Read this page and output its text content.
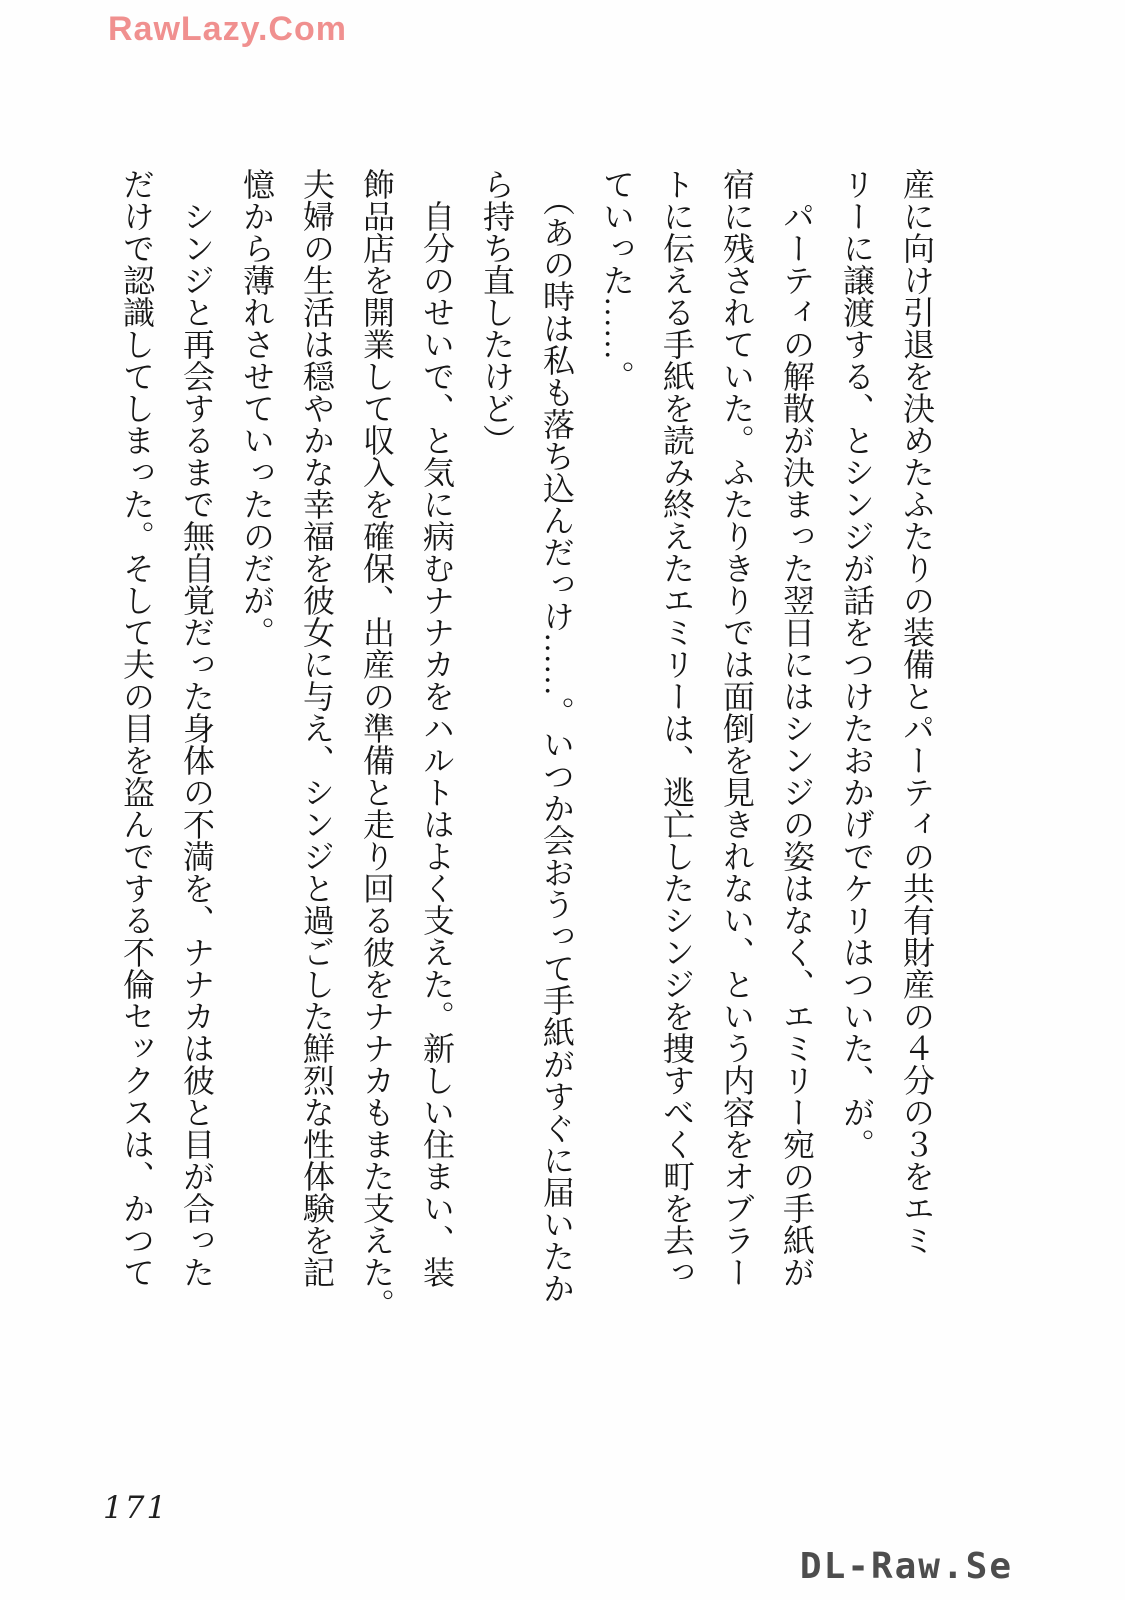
RawLazy.Com

産に向け引退を決めたふたりの装備とパーティの共有財産の４分の３をエミ

リーに譲渡する、とシンジが話をつけたおかげでケリはついた、が。

　パーティの解散が決まった翌日にはシンジの姿はなく、エミリー宛の手紙が

宿に残されていた。ふたりきりでは面倒を見きれない、という内容をオブラー

トに伝える手紙を読み終えたエミリーは、逃亡したシンジを捜すべく町を去っ

ていった……。

　（あの時は私も落ち込んだっけ……。いつか会おうって手紙がすぐに届いたか

ら持ち直したけど）

　自分のせいで、と気に病むナナカをハルトはよく支えた。新しい住まい、装

飾品店を開業して収入を確保、出産の準備と走り回る彼をナナカもまた支えた。

夫婦の生活は穏やかな幸福を彼女に与え、シンジと過ごした鮮烈な性体験を記

憶から薄れさせていったのだが。

　シンジと再会するまで無自覚だった身体の不満を、ナナカは彼と目が合った

だけで認識してしまった。そして夫の目を盗んでする不倫セックスは、かつて

171
DL-Raw.Se
